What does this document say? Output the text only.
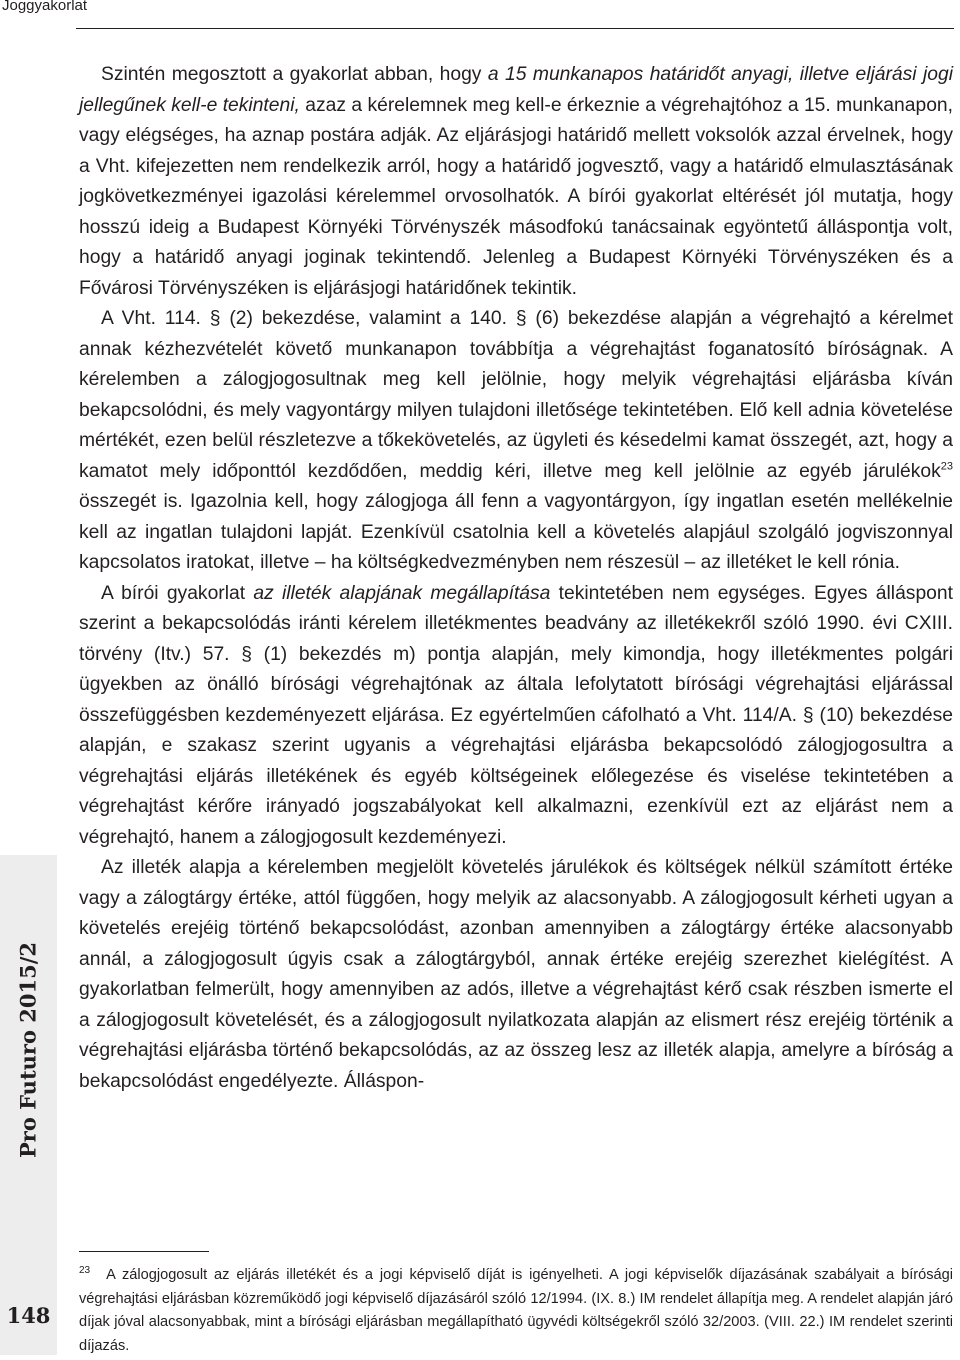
Joggyakorlat

Szintén megosztott a gyakorlat abban, hogy a 15 munkanapos határidőt anyagi, illetve eljárási jogi jellegűnek kell-e tekinteni, azaz a kérelemnek meg kell-e érkeznie a végrehajtóhoz a 15. munkanapon, vagy elégséges, ha aznap postára adják. Az eljárásjogi határidő mellett voksolók azzal érvelnek, hogy a Vht. kifejezetten nem rendelkezik arról, hogy a határidő jogvesztő, vagy a határidő elmulasztásának jogkövetkezményei igazolási kérelemmel orvosolhatók. A bírói gyakorlat eltérését jól mutatja, hogy hosszú ideig a Budapest Környéki Törvényszék másodfokú tanácsainak egyöntetű álláspontja volt, hogy a határidő anyagi joginak tekintendő. Jelenleg a Budapest Környéki Törvényszéken és a Fővárosi Törvényszéken is eljárásjogi határidőnek tekintik.

A Vht. 114. § (2) bekezdése, valamint a 140. § (6) bekezdése alapján a végrehajtó a kérelmet annak kézhezvételét követő munkanapon továbbítja a végrehajtást foganatosító bíróságnak. A kérelemben a zálogjogosultnak meg kell jelölnie, hogy melyik végrehajtási eljárásba kíván bekapcsolódni, és mely vagyontárgy milyen tulajdoni illetősége tekintetében. Elő kell adnia követelése mértékét, ezen belül részletezve a tőkekövetelés, az ügyleti és késedelmi kamat összegét, azt, hogy a kamatot mely időponttól kezdődően, meddig kéri, illetve meg kell jelölnie az egyéb járulékok$^{23}$ összegét is. Igazolnia kell, hogy zálogjoga áll fenn a vagyontárgyon, így ingatlan esetén mellékelnie kell az ingatlan tulajdoni lapját. Ezenkívül csatolnia kell a követelés alapjául szolgáló jogviszonnyal kapcsolatos iratokat, illetve – ha költségkedvezményben nem részesül – az illetéket le kell rónia.

A bírói gyakorlat az illeték alapjának megállapítása tekintetében nem egységes. Egyes álláspont szerint a bekapcsolódás iránti kérelem illetékmentes beadvány az illetékekről szóló 1990. évi CXIII. törvény (Itv.) 57. § (1) bekezdés m) pontja alapján, mely kimondja, hogy illetékmentes polgári ügyekben az önálló bírósági végrehajtónak az általa lefolytatott bírósági végrehajtási eljárással összefüggésben kezdeményezett eljárása. Ez egyértelműen cáfolható a Vht. 114/A. § (10) bekezdése alapján, e szakasz szerint ugyanis a végrehajtási eljárásba bekapcsolódó zálogjogosultra a végrehajtási eljárás illetékének és egyéb költségeinek előlegezése és viselése tekintetében a végrehajtást kérőre irányadó jogszabályokat kell alkalmazni, ezenkívül ezt az eljárást nem a végrehajtó, hanem a zálogjogosult kezdeményezi.

Az illeték alapja a kérelemben megjelölt követelés járulékok és költségek nélkül számított értéke vagy a zálogtárgy értéke, attól függően, hogy melyik az alacsonyabb. A zálogjogosult kérheti ugyan a követelés erejéig történő bekapcsolódást, azonban amennyiben a zálogtárgy értéke alacsonyabb annál, a zálogjogosult úgyis csak a zálogtárgyból, annak értéke erejéig szerezhet kielégítést. A gyakorlatban felmerült, hogy amennyiben az adós, illetve a végrehajtást kérő csak részben ismerte el a zálogjogosult követelését, és a zálogjogosult nyilatkozata alapján az elismert rész erejéig történik a végrehajtási eljárásba történő bekapcsolódás, az az összeg lesz az illeték alapja, amelyre a bíróság a bekapcsolódást engedélyezte. Álláspon-

$^{23}$ A zálogjogosult az eljárás illetékét és a jogi képviselő díját is igényelheti. A jogi képviselők díjazásának szabályait a bírósági végrehajtási eljárásban közreműködő jogi képviselő díjazásáról szóló 12/1994. (IX. 8.) IM rendelet állapítja meg. A rendelet alapján járó díjak jóval alacsonyabbak, mint a bírósági eljárásban megállapítható ügyvédi költségekről szóló 32/2003. (VIII. 22.) IM rendelet szerinti díjazás.
Pro Futuro 2015/2
148
